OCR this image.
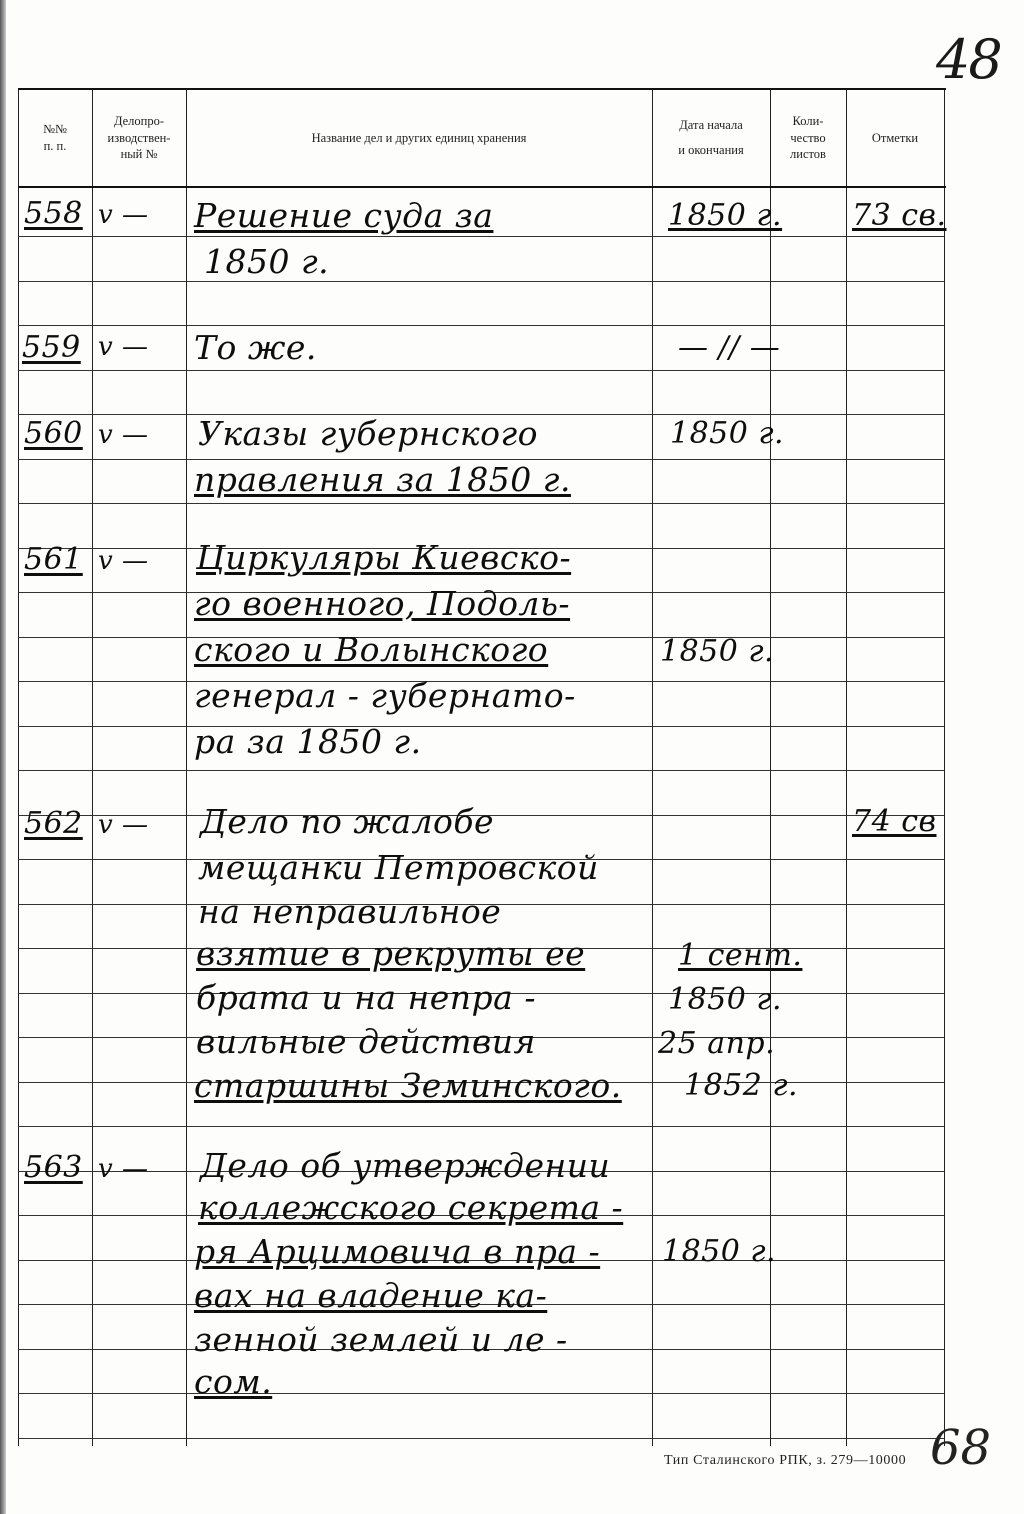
48
№№
п. п.
Делопро-
изводствен-
ный №
Название дел и других единиц хранения
Дата начала
и окончания
Коли-
чество
листов
Отметки
558 v — Решение суда за
1850 г.
1850 г. 73 св.
559 v — То же.	— // —
560 v — Указы губернского
правления за 1850 г.
1850 г.
561 v — Циркуляры Киевско-
го военного, Подоль-
ского и Волынского
генерал - губернато-
ра за 1850 г.
1850 г.
562 v — Дело по жалобе
мещанки Петровской
на неправильное
взятие в рекруты ее
брата и на непра -
вильные действия
старшины Земинского.
1 сент.
1850 г.
25 апр.
1852 г.
74 св
563 v — Дело об утверждении
коллежского секрета -
ря Арцимовича в пра -
вах на владение ка-
зенной землей и ле -
сом.
1850 г.
Тип Сталинского РПК, з. 279—10000 68
